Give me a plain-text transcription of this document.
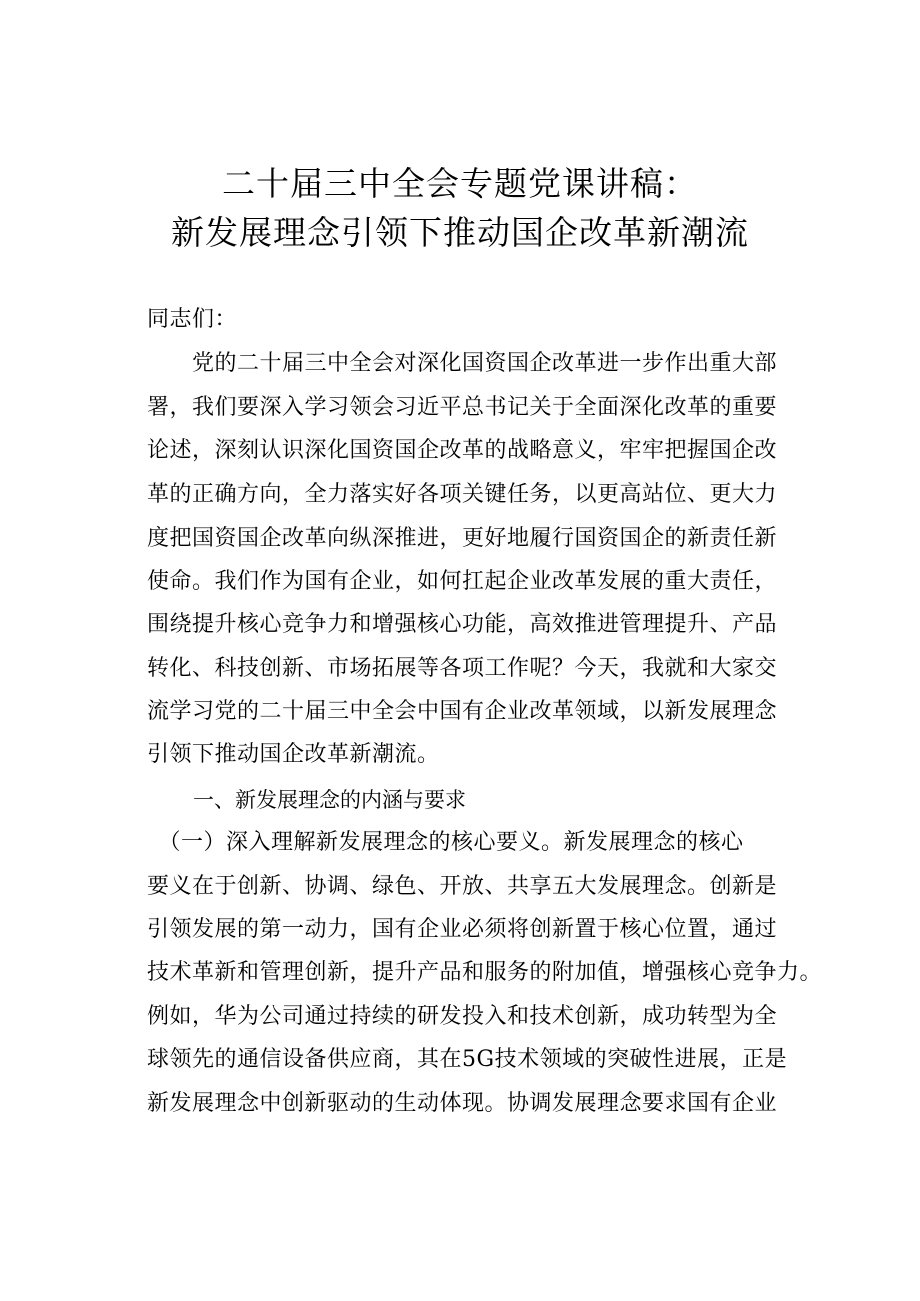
二十届三中全会专题党课讲稿：
新发展理念引领下推动国企改革新潮流
同志们：
　　党的二十届三中全会对深化国资国企改革进一步作出重大部
署，我们要深入学习领会习近平总书记关于全面深化改革的重要
论述，深刻认识深化国资国企改革的战略意义，牢牢把握国企改
革的正确方向，全力落实好各项关键任务，以更高站位、更大力
度把国资国企改革向纵深推进，更好地履行国资国企的新责任新
使命。我们作为国有企业，如何扛起企业改革发展的重大责任，
围绕提升核心竞争力和增强核心功能，高效推进管理提升、产品
转化、科技创新、市场拓展等各项工作呢？今天，我就和大家交
流学习党的二十届三中全会中国有企业改革领域，以新发展理念
引领下推动国企改革新潮流。
一、新发展理念的内涵与要求
　（一）深入理解新发展理念的核心要义。新发展理念的核心
要义在于创新、协调、绿色、开放、共享五大发展理念。创新是
引领发展的第一动力，国有企业必须将创新置于核心位置，通过
技术革新和管理创新，提升产品和服务的附加值，增强核心竞争力。
例如，华为公司通过持续的研发投入和技术创新，成功转型为全
球领先的通信设备供应商，其在5G技术领域的突破性进展，正是
新发展理念中创新驱动的生动体现。协调发展理念要求国有企业
